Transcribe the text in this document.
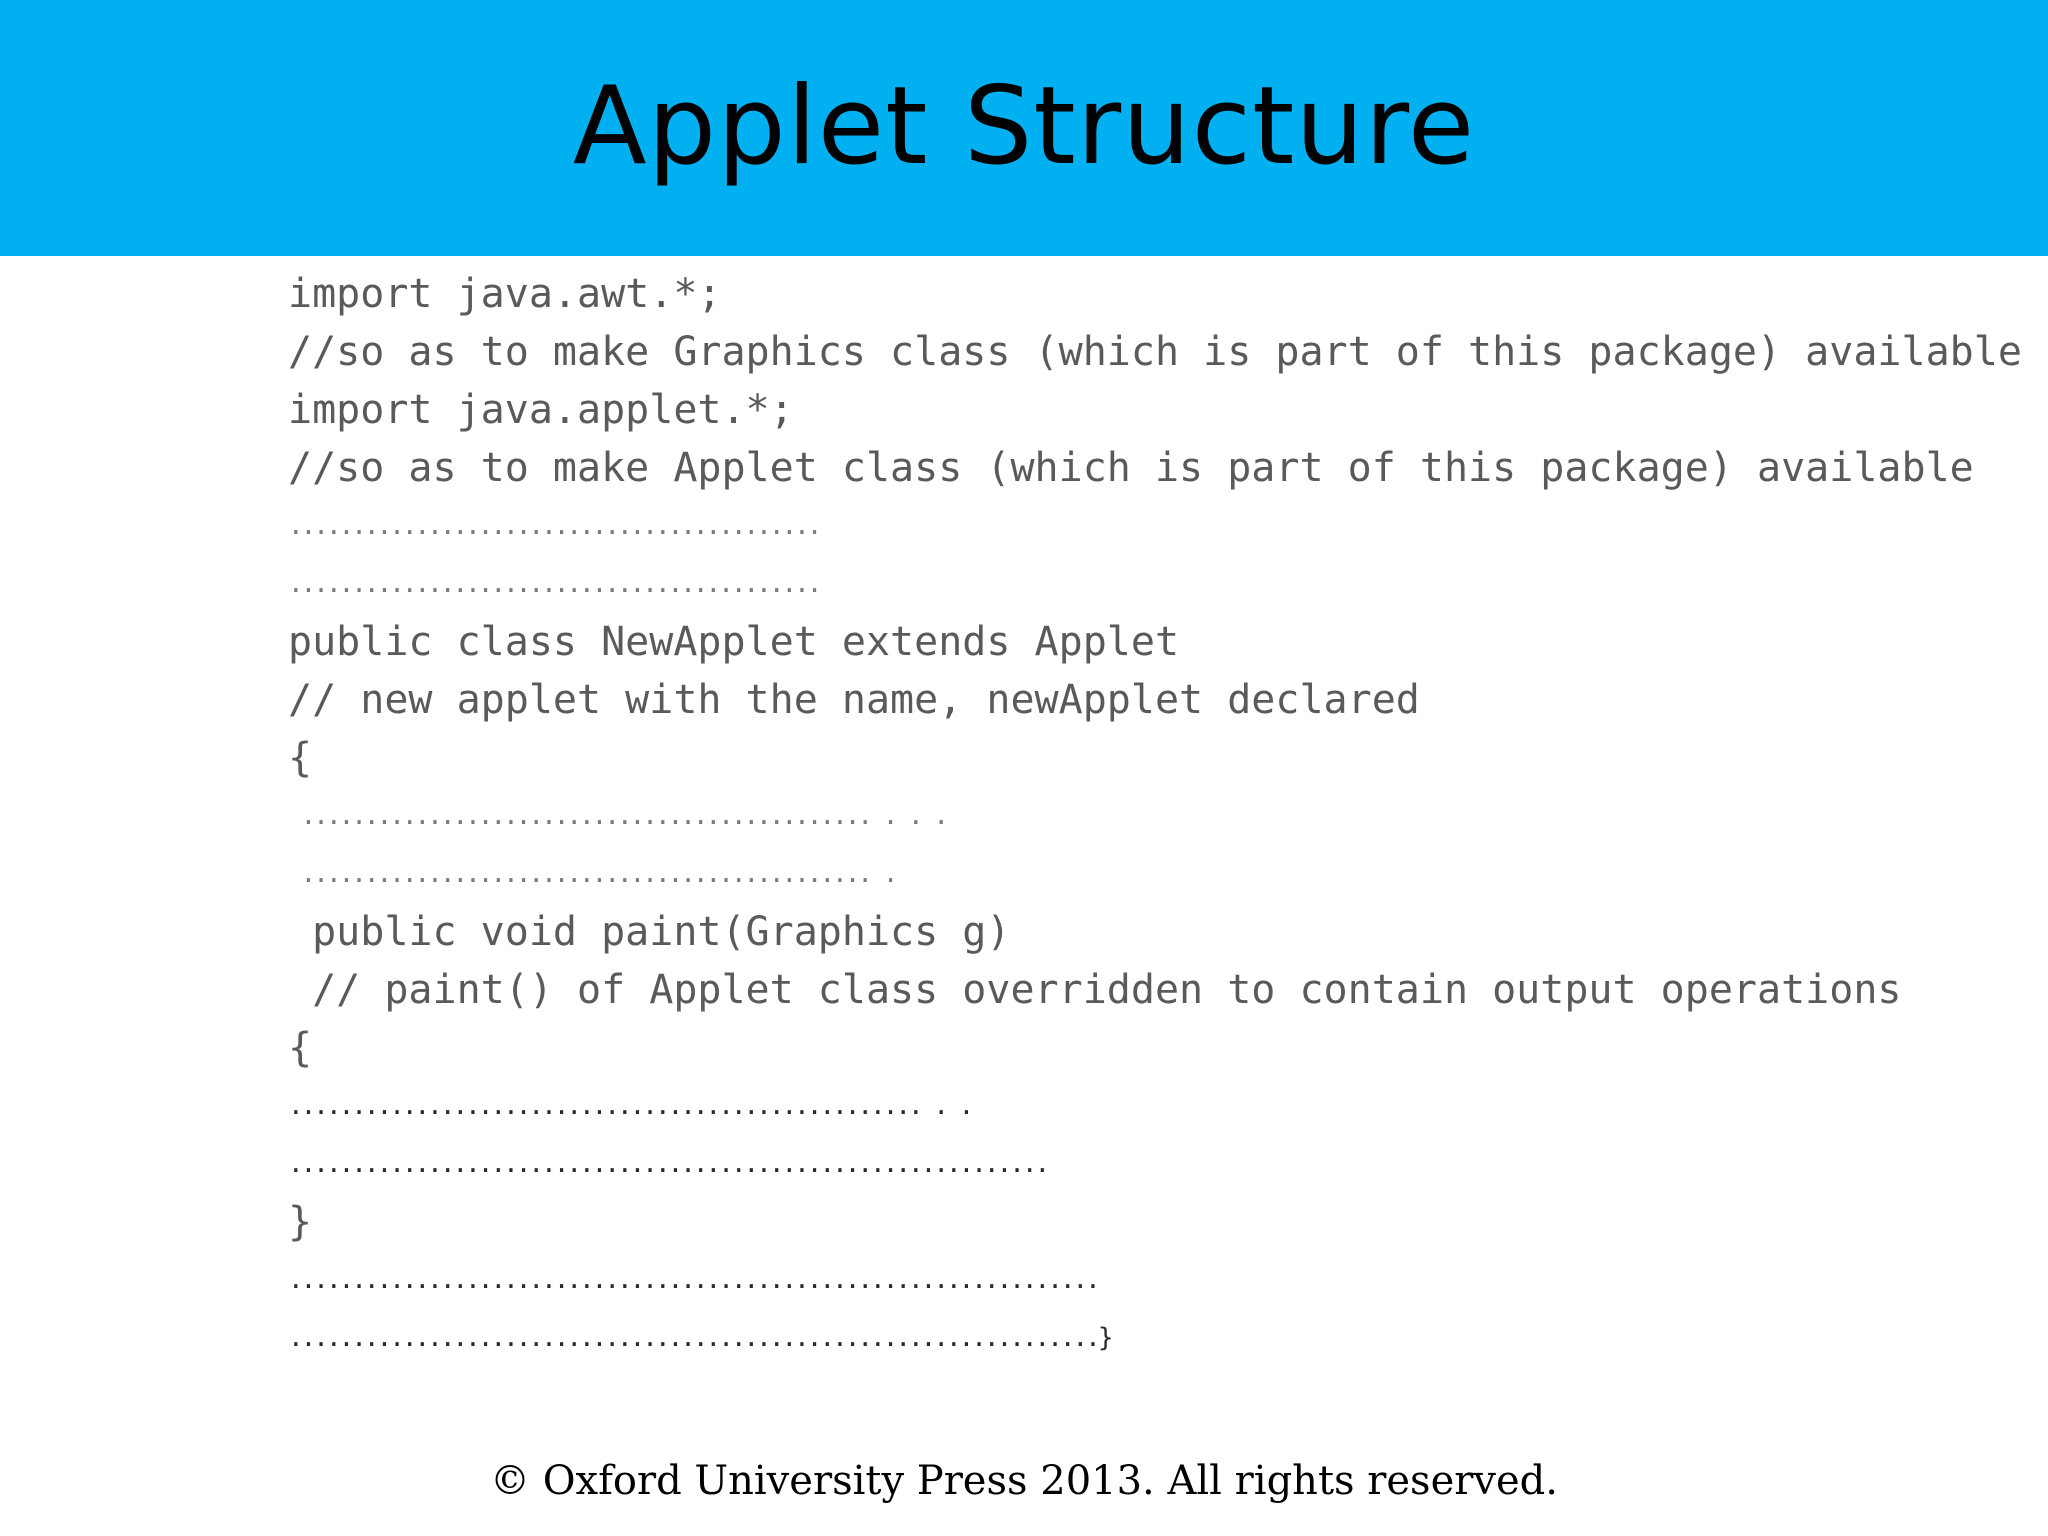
Applet Structure
import java.awt.*;
//so as to make Graphics class (which is part of this package) available
import java.applet.*;
//so as to make Applet class (which is part of this package) available
..........................................
..........................................
public class NewApplet extends Applet
// new applet with the name, newApplet declared
{
............................................. . . .
............................................. .
public void paint(Graphics g)
// paint() of Applet class overridden to contain output operations
{
.................................................. . .
............................................................
}
................................................................
................................................................}
© Oxford University Press 2013. All rights reserved.
